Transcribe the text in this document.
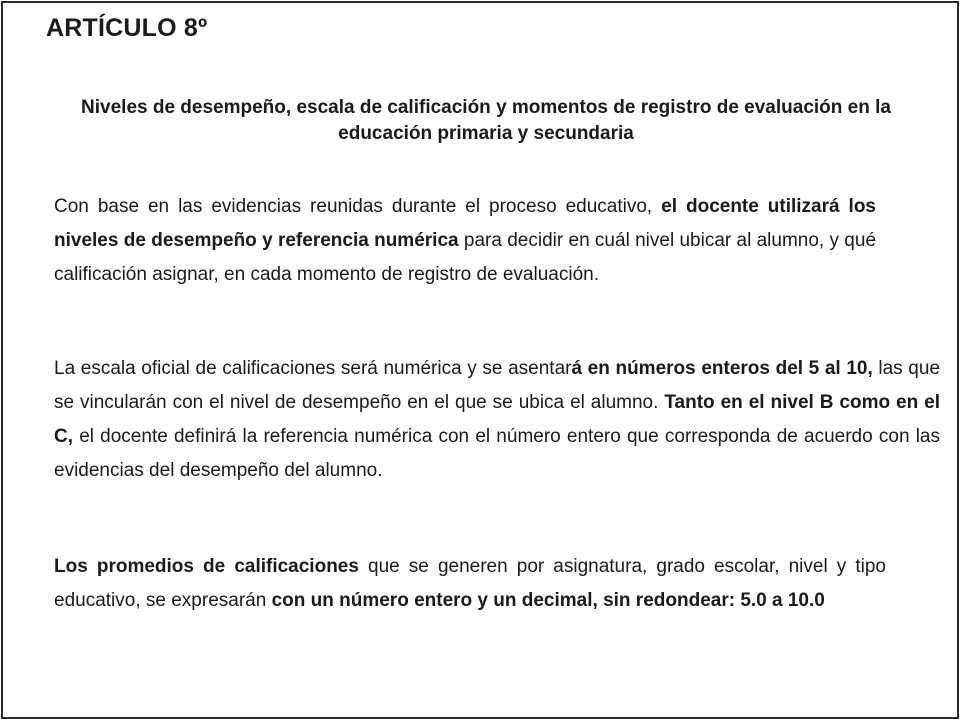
ARTÍCULO 8º
Niveles de desempeño, escala de calificación y momentos de registro de evaluación en la educación primaria y secundaria
Con base en las evidencias reunidas durante el proceso educativo, el docente utilizará los niveles de desempeño y referencia numérica para decidir en cuál nivel ubicar al alumno, y qué calificación asignar, en cada momento de registro de evaluación.
La escala oficial de calificaciones será numérica y se asentará en números enteros del 5 al 10, las que se vincularán con el nivel de desempeño en el que se ubica el alumno. Tanto en el nivel B como en el C, el docente definirá la referencia numérica con el número entero que corresponda de acuerdo con las evidencias del desempeño del alumno.
Los promedios de calificaciones que se generen por asignatura, grado escolar, nivel y tipo educativo, se expresarán con un número entero y un decimal, sin redondear: 5.0 a 10.0
